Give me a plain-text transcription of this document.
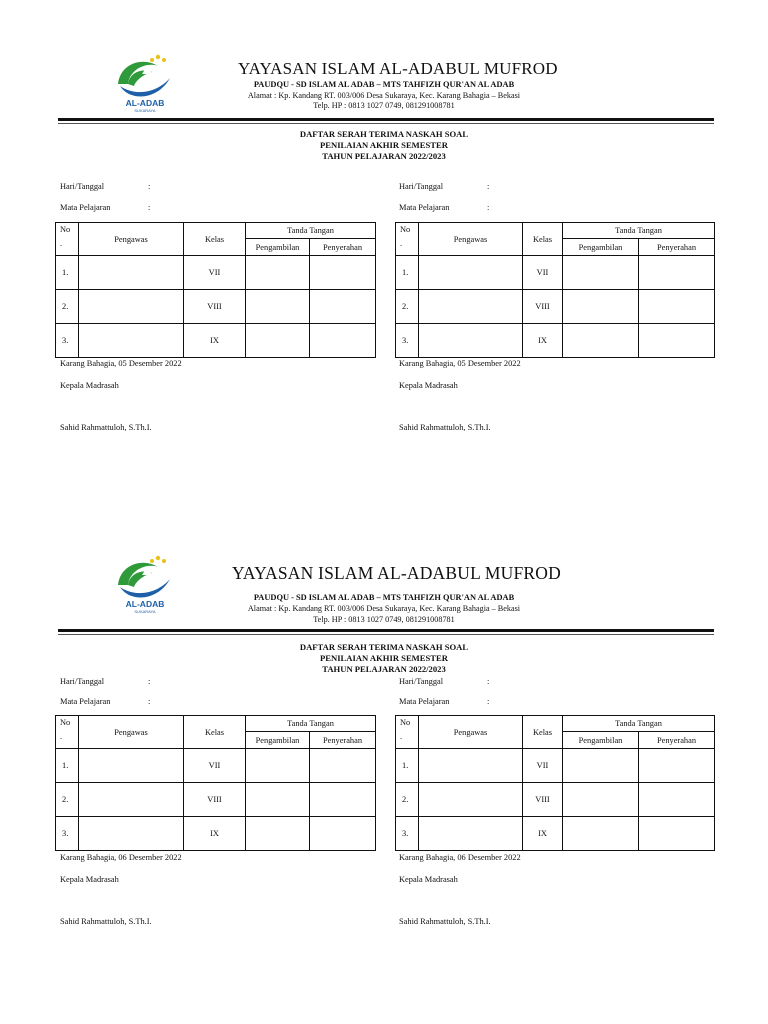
AL-ADAB
SUKARAYA
YAYASAN ISLAM AL-ADABUL MUFROD
PAUDQU - SD ISLAM AL ADAB – MTS TAHFIZH QUR'AN AL ADAB
Alamat : Kp. Kandang RT. 003/006 Desa Sukaraya, Kec. Karang Bahagia – Bekasi
Telp. HP : 0813 1027 0749, 081291008781
DAFTAR SERAH TERIMA NASKAH SOAL
PENILAIAN AKHIR SEMESTER
TAHUN PELAJARAN 2022/2023
Hari/Tanggal	:
Mata Pelajaran	:
No
.	Pengawas	Kelas	Tanda Tangan	
			Pengambilan	Penyerahan
1.		VII		
2.		VIII		
3.		IX		
Karang Bahagia, 05 Desember 2022
Kepala Madrasah
Sahid Rahmattuloh, S.Th.I.
Hari/Tanggal	:
Mata Pelajaran	:
No
.	Pengawas	Kelas	Tanda Tangan	
			Pengambilan	Penyerahan
1.		VII		
2.		VIII		
3.		IX		
Karang Bahagia, 05 Desember 2022
Kepala Madrasah
Sahid Rahmattuloh, S.Th.I.
AL-ADAB
SUKARAYA
YAYASAN ISLAM AL-ADABUL MUFROD
PAUDQU - SD ISLAM AL ADAB – MTS TAHFIZH QUR'AN AL ADAB
Alamat : Kp. Kandang RT. 003/006 Desa Sukaraya, Kec. Karang Bahagia – Bekasi
Telp. HP : 0813 1027 0749, 081291008781
DAFTAR SERAH TERIMA NASKAH SOAL
PENILAIAN AKHIR SEMESTER
TAHUN PELAJARAN 2022/2023
Hari/Tanggal	:
Mata Pelajaran	:
No
.	Pengawas	Kelas	Tanda Tangan	
			Pengambilan	Penyerahan
1.		VII		
2.		VIII		
3.		IX		
Karang Bahagia, 06 Desember 2022
Kepala Madrasah
Sahid Rahmattuloh, S.Th.I.
Hari/Tanggal	:
Mata Pelajaran	:
No
.	Pengawas	Kelas	Tanda Tangan	
			Pengambilan	Penyerahan
1.		VII		
2.		VIII		
3.		IX		
Karang Bahagia, 06 Desember 2022
Kepala Madrasah
Sahid Rahmattuloh, S.Th.I.
